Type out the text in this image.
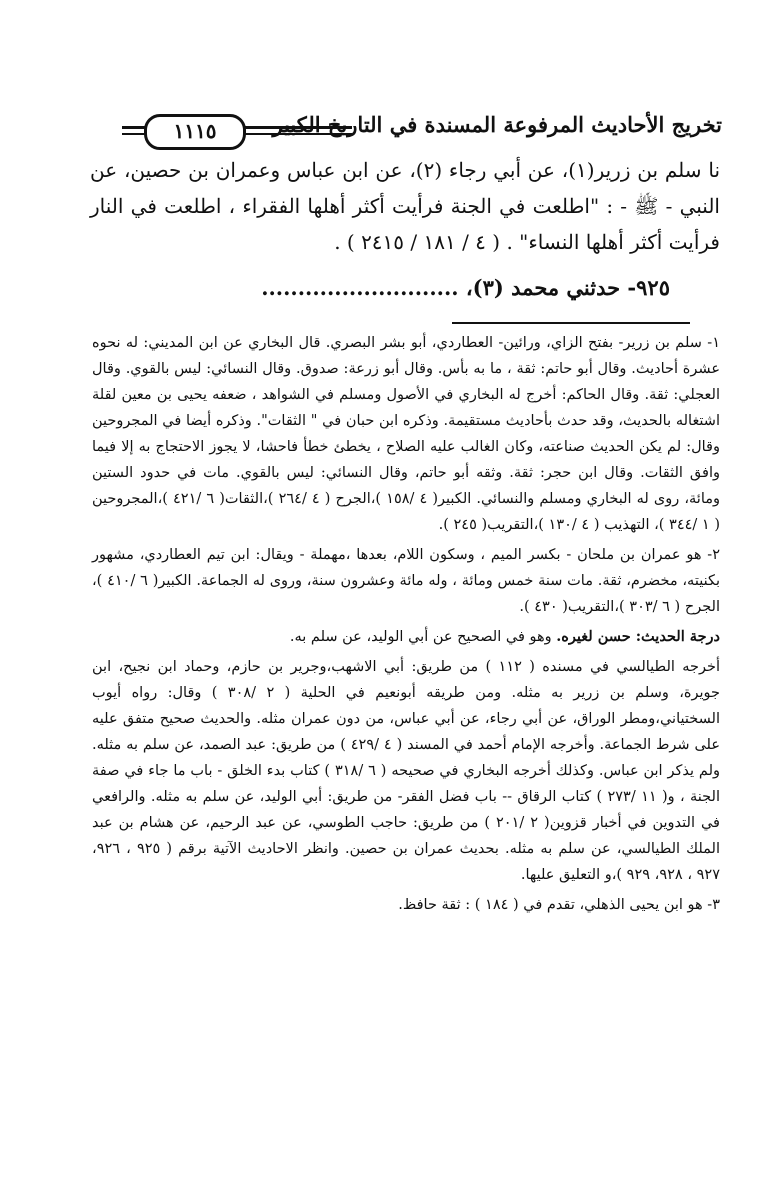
١١١٥	تخريج الأحاديث المرفوعة المسندة في التاريخ الكبير

نا سلم بن زرير(١)، عن أبي رجاء (٢)، عن ابن عباس وعمران بن حصين، عن النبي - ﷺ - : "اطلعت في الجنة فرأيت أكثر أهلها الفقراء ، اطلعت في النار فرأيت أكثر أهلها النساء" . ( ٤ / ١٨١ / ٢٤١٥ ) .

٩٢٥- حدثني محمد (٣)، ...........................

١- سلم بن زرير- بفتح الزاي، ورائين- العطاردي، أبو بشر البصري. قال البخاري عن ابن المديني: له نحوه عشرة أحاديث. وقال أبو حاتم: ثقة ، ما به بأس. وقال أبو زرعة: صدوق. وقال النسائي: ليس بالقوي. وقال العجلي: ثقة. وقال الحاكم: أخرج له البخاري في الأصول ومسلم في الشواهد ، ضعفه يحيى بن معين لقلة اشتغاله بالحديث، وقد حدث بأحاديث مستقيمة. وذكره ابن حبان في " الثقات". وذكره أيضا في المجروحين وقال: لم يكن الحديث صناعته، وكان الغالب عليه الصلاح ، يخطئ خطأ فاحشا، لا يجوز الاحتجاج به إلا فيما وافق الثقات. وقال ابن حجر: ثقة. وثقه أبو حاتم، وقال النسائي: ليس بالقوي. مات في حدود الستين ومائة، روى له البخاري ومسلم والنسائي. الكبير( ٤ /١٥٨ )،الجرح ( ٤ /٢٦٤ )،الثقات( ٦ /٤٢١ )،المجروحين ( ١ /٣٤٤ )، التهذيب ( ٤ /١٣٠ )،التقريب( ٢٤٥ ).

٢- هو عمران بن ملحان - بكسر الميم ، وسكون اللام، بعدها ،مهملة - ويقال: ابن تيم العطاردي، مشهور بكنيته، مخضرم، ثقة. مات سنة خمس ومائة ، وله مائة وعشرون سنة، وروى له الجماعة. الكبير( ٦ /٤١٠ )، الجرح ( ٦ /٣٠٣ )،التقريب( ٤٣٠ ).

درجة الحديث: حسن لغيره. وهو في الصحيح عن أبي الوليد، عن سلم به.

أخرجه الطيالسي في مسنده ( ١١٢ ) من طريق: أبي الاشهب،وجرير بن حازم، وحماد ابن نجيح، ابن جويرة، وسلم بن زرير به مثله. ومن طريقه أبونعيم في الحلية ( ٢ /٣٠٨ ) وقال: رواه أيوب السختياني،ومطر الوراق، عن أبي رجاء، عن أبي عباس، من دون عمران مثله. والحديث صحيح متفق عليه على شرط الجماعة. وأخرجه الإمام أحمد في المسند ( ٤ /٤٢٩ ) من طريق: عبد الصمد، عن سلم به مثله. ولم يذكر ابن عباس. وكذلك أخرجه البخاري في صحيحه ( ٦ /٣١٨ ) كتاب بدء الخلق - باب ما جاء في صفة الجنة ، و( ١١ /٢٧٣ ) كتاب الرقاق -- باب فضل الفقر- من طريق: أبي الوليد، عن سلم به مثله. والرافعي في التدوين في أخبار قزوين( ٢ /٢٠١ ) من طريق: حاجب الطوسي، عن عبد الرحيم، عن هشام بن عبد الملك الطيالسي، عن سلم به مثله. بحديث عمران بن حصين. وانظر الاحاديث الآتية برقم ( ٩٢٥ ، ٩٢٦، ٩٢٧ ، ٩٢٨، ٩٢٩ )،و التعليق عليها.

٣- هو ابن يحيى الذهلي، تقدم في ( ١٨٤ ) : ثقة حافظ.
